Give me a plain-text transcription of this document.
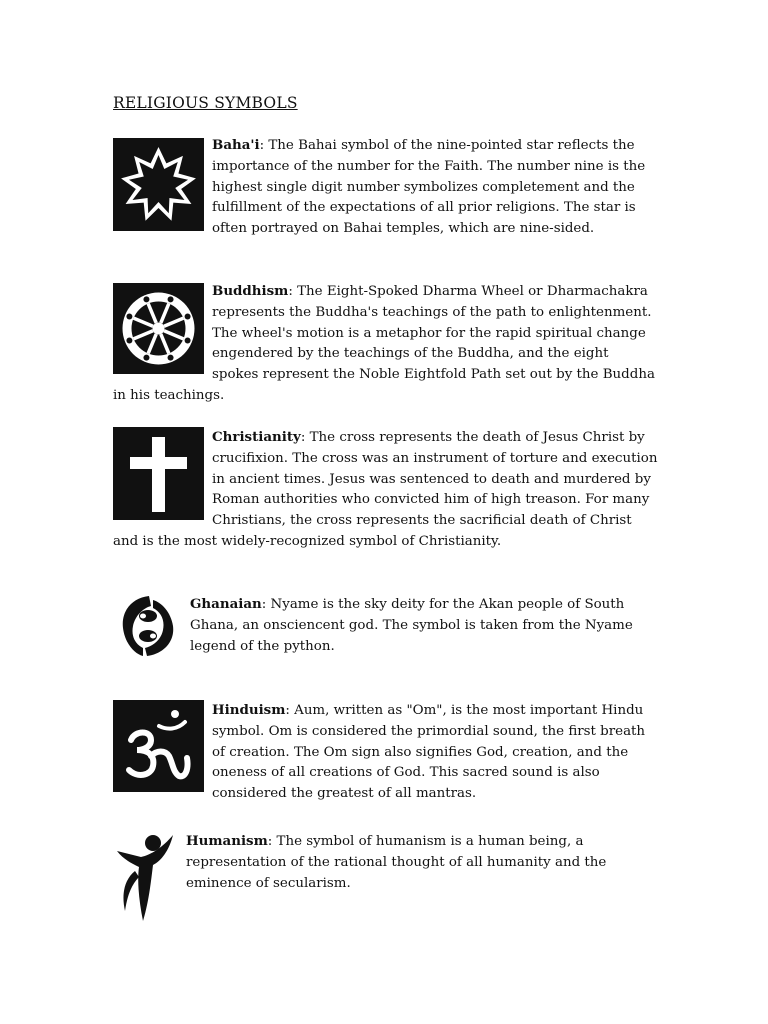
RELIGIOUS SYMBOLS

Baha'i: The Bahai symbol of the nine-pointed star reflects the importance of the number for the Faith. The number nine is the highest single digit number symbolizes completement and the fulfillment of the expectations of all prior religions. The star is often portrayed on Bahai temples, which are nine-sided.

Buddhism: The Eight-Spoked Dharma Wheel or Dharmachakra represents the Buddha's teachings of the path to enlightenment. The wheel's motion is a metaphor for the rapid spiritual change engendered by the teachings of the Buddha, and the eight spokes represent the Noble Eightfold Path set out by the Buddha in his teachings.

Christianity: The cross represents the death of Jesus Christ by crucifixion. The cross was an instrument of torture and execution in ancient times. Jesus was sentenced to death and murdered by Roman authorities who convicted him of high treason. For many Christians, the cross represents the sacrificial death of Christ and is the most widely-recognized symbol of Christianity.

Ghanaian: Nyame is the sky deity for the Akan people of South Ghana, an onsciencent god. The symbol is taken from the Nyame legend of the python.

Hinduism: Aum, written as "Om", is the most important Hindu symbol. Om is considered the primordial sound, the first breath of creation. The Om sign also signifies God, creation, and the oneness of all creations of God. This sacred sound is also considered the greatest of all mantras.

Humanism: The symbol of humanism is a human being, a representation of the rational thought of all humanity and the eminence of secularism.
